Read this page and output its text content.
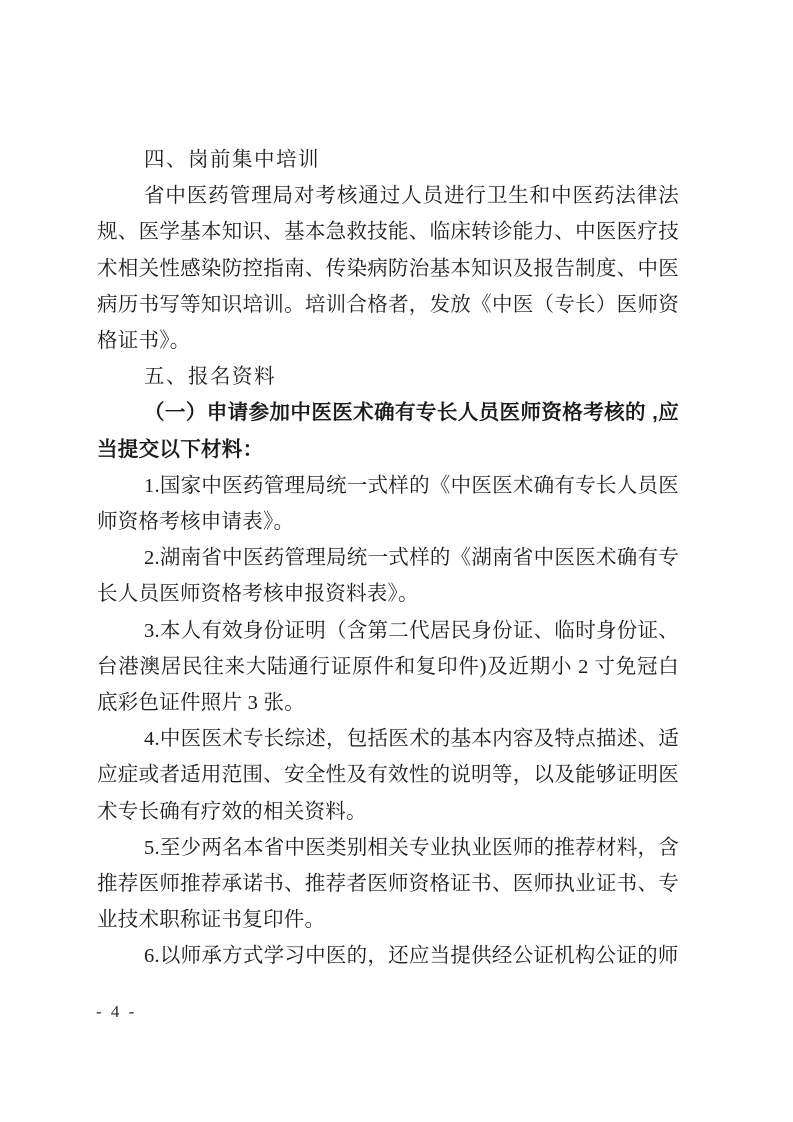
四、岗前集中培训

省中医药管理局对考核通过人员进行卫生和中医药法律法规、医学基本知识、基本急救技能、临床转诊能力、中医医疗技术相关性感染防控指南、传染病防治基本知识及报告制度、中医病历书写等知识培训。培训合格者，发放《中医（专长）医师资格证书》。

五、报名资料

（一）申请参加中医医术确有专长人员医师资格考核的 ,应当提交以下材料：

1.国家中医药管理局统一式样的《中医医术确有专长人员医师资格考核申请表》。

2.湖南省中医药管理局统一式样的《湖南省中医医术确有专长人员医师资格考核申报资料表》。

3.本人有效身份证明（含第二代居民身份证、临时身份证、台港澳居民往来大陆通行证原件和复印件)及近期小 2 寸免冠白底彩色证件照片 3 张。

4.中医医术专长综述，包括医术的基本内容及特点描述、适应症或者适用范围、安全性及有效性的说明等，以及能够证明医术专长确有疗效的相关资料。

5.至少两名本省中医类别相关专业执业医师的推荐材料，含推荐医师推荐承诺书、推荐者医师资格证书、医师执业证书、专业技术职称证书复印件。

6.以师承方式学习中医的，还应当提供经公证机构公证的师

- 4 -
